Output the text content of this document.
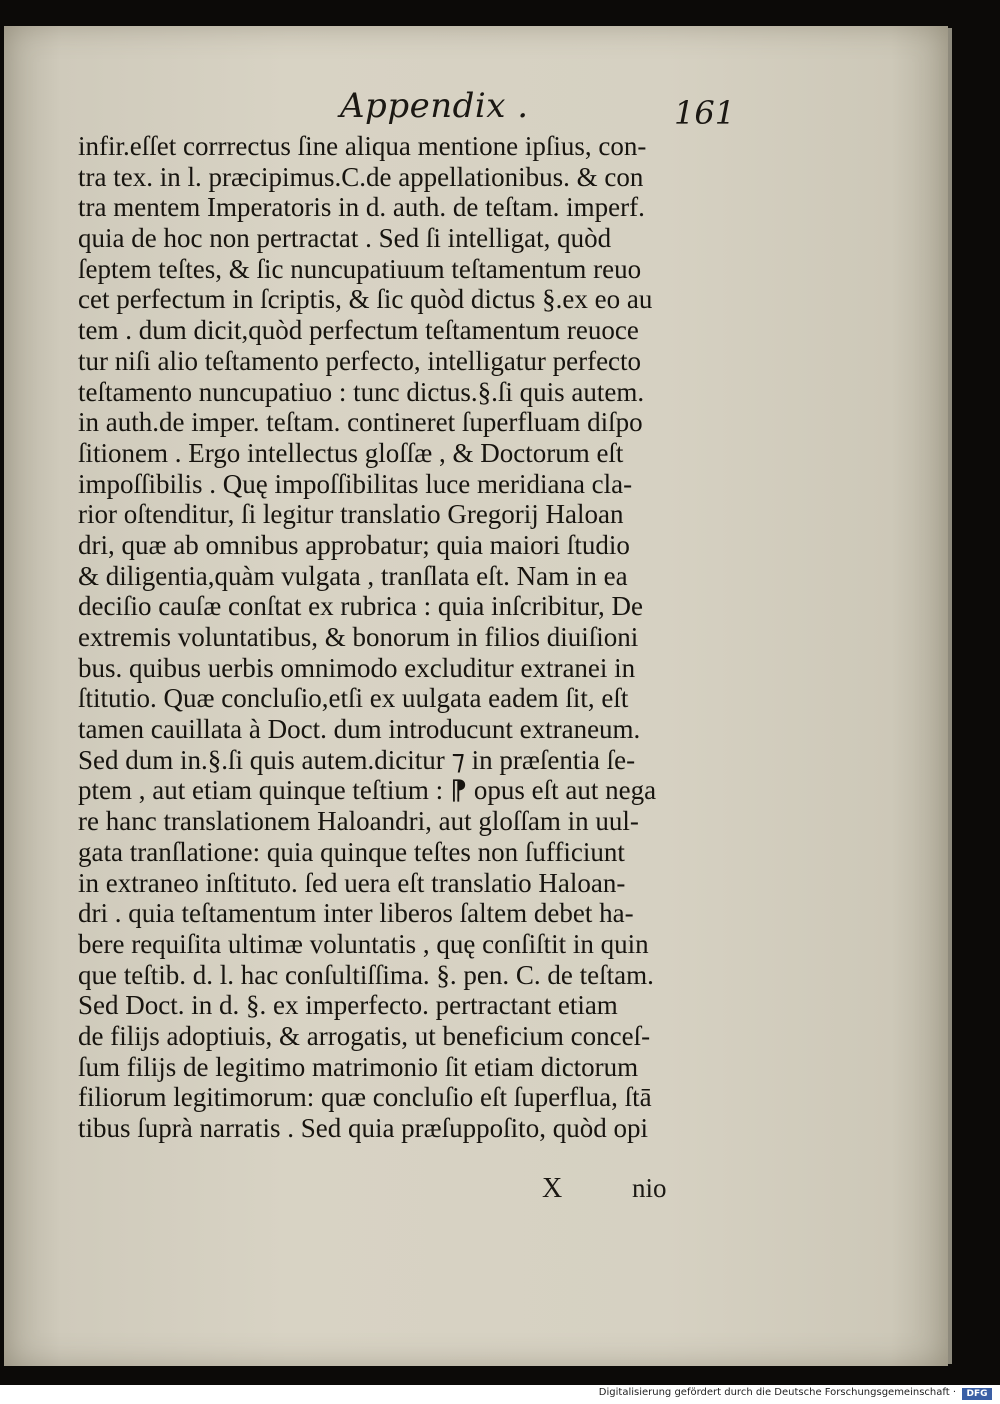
Appendix .	161
infir.eſſet corrrectus ſine aliqua mentione ipſius, con-
tra tex. in l. præcipimus.C.de appellationibus. & con
tra mentem Imperatoris in d. auth. de teſtam. imperf.
quia de hoc non pertractat . Sed ſi intelligat, quòd
ſeptem teſtes, & ſic nuncupatiuum teſtamentum reuo
cet perfectum in ſcriptis, & ſic quòd dictus §.ex eo au
tem . dum dicit,quòd perfectum teſtamentum reuoce
tur niſi alio teſtamento perfecto, intelligatur perfecto
teſtamento nuncupatiuo : tunc dictus.§.ſi quis autem.
in auth.de imper. teſtam. contineret ſuperfluam diſpo
ſitionem . Ergo intellectus gloſſæ , & Doctorum eſt
impoſſibilis . Quę impoſſibilitas luce meridiana cla-
rior oſtenditur, ſi legitur translatio Gregorij Haloan
dri, quæ ab omnibus approbatur; quia maiori ſtudio
& diligentia,quàm vulgata , tranſlata eſt. Nam in ea
deciſio cauſæ conſtat ex rubrica : quia inſcribitur, De
extremis voluntatibus, & bonorum in filios diuiſioni
bus. quibus uerbis omnimodo excluditur extranei in
ſtitutio. Quæ concluſio,etſi ex uulgata eadem ſit, eſt
tamen cauillata à Doct. dum introducunt extraneum.
Sed dum in.§.ſi quis autem.dicitur ⁊ in præſentia ſe-
ptem , aut etiam quinque teſtium : ⁋ opus eſt aut nega
re hanc translationem Haloandri, aut gloſſam in uul-
gata tranſlatione: quia quinque teſtes non ſufficiunt
in extraneo inſtituto. ſed uera eſt translatio Haloan-
dri . quia teſtamentum inter liberos ſaltem debet ha-
bere requiſita ultimæ voluntatis , quę conſiſtit in quin
que teſtib. d. l. hac conſultiſſima. §. pen. C. de teſtam.
Sed Doct. in d. §. ex imperfecto. pertractant etiam
de filijs adoptiuis, & arrogatis, ut beneficium conceſ-
ſum filijs de legitimo matrimonio ſit etiam dictorum
filiorum legitimorum: quæ concluſio eſt ſuperflua, ſtā
tibus ſuprà narratis . Sed quia præſuppoſito, quòd opi
X	nio
Digitalisierung gefördert durch die Deutsche Forschungsgemeinschaft ·	DFG
